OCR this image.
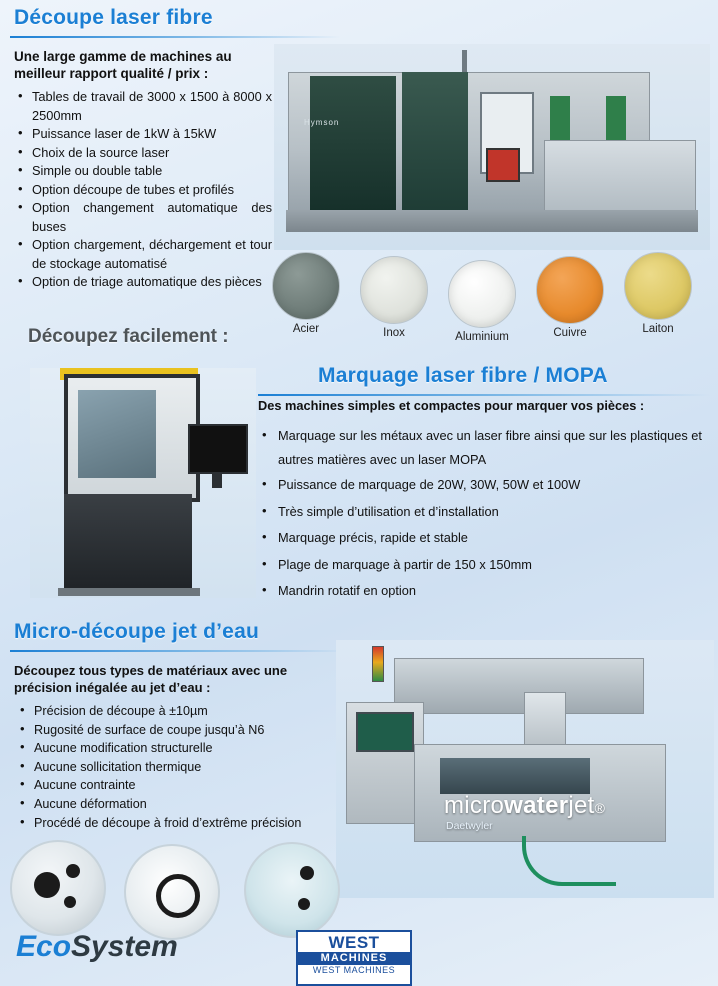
Découpe laser fibre
Une large gamme de machines au meilleur rapport qualité / prix :
• Tables de travail de 3000 x 1500 à 8000 x 2500mm
• Puissance laser de 1kW à 15kW
• Choix de la source laser
• Simple ou double table
• Option découpe de tubes et profilés
• Option changement automatique des buses
• Option chargement, déchargement et tour de stockage automatisé
• Option de triage automatique des pièces
Hymson
Acier	Inox	Aluminium	Cuivre	Laiton
Découpez facilement :
Marquage laser fibre / MOPA
Des machines simples et compactes pour marquer vos pièces :
• Marquage sur les métaux avec un laser fibre ainsi que sur les plastiques et autres matières avec un laser MOPA
• Puissance de marquage de 20W, 30W, 50W et 100W
• Très simple d’utilisation et d’installation
• Marquage précis, rapide et stable
• Plage de marquage à partir de 150 x 150mm
• Mandrin rotatif en option
Micro-découpe jet d’eau
Découpez tous types de matériaux avec une précision inégalée au jet d’eau :
• Précision de découpe à ±10µm
• Rugosité de surface de coupe jusqu’à N6
• Aucune modification structurelle
• Aucune sollicitation thermique
• Aucune contrainte
• Aucune déformation
• Procédé de découpe à froid d’extrême précision
microwaterjet®
Daetwyler
EcoSystem	WEST
MACHINES
WEST MACHINES
